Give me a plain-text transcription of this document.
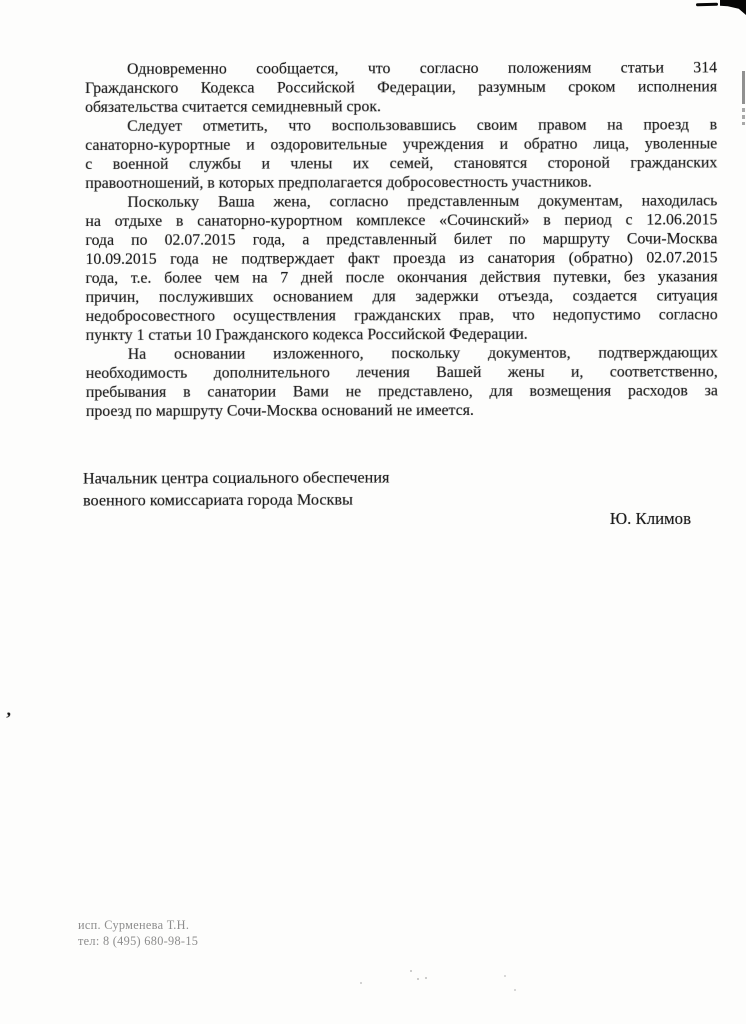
,
Одновременно сообщается, что согласно положениям статьи 314
Гражданского Кодекса Российской Федерации, разумным сроком исполнения
обязательства считается семидневный срок.
Следует отметить, что воспользовавшись своим правом на проезд в
санаторно-курортные и оздоровительные учреждения и обратно лица, уволенные
с военной службы и члены их семей, становятся стороной гражданских
правоотношений, в которых предполагается добросовестность участников.
Поскольку Ваша жена, согласно представленным документам, находилась
на отдыхе в санаторно-курортном комплексе «Сочинский» в период с 12.06.2015
года по 02.07.2015 года, а представленный билет по маршруту Сочи-Москва
10.09.2015 года не подтверждает факт проезда из санатория (обратно) 02.07.2015
года, т.е. более чем на 7 дней после окончания действия путевки, без указания
причин, послуживших основанием для задержки отъезда, создается ситуация
недобросовестного осуществления гражданских прав, что недопустимо согласно
пункту 1 статьи 10 Гражданского кодекса Российской Федерации.
На основании изложенного, поскольку документов, подтверждающих
необходимость дополнительного лечения Вашей жены и, соответственно,
пребывания в санатории Вами не представлено, для возмещения расходов за
проезд по маршруту Сочи-Москва оснований не имеется.
Начальник центра социального обеспечения
военного комиссариата города Москвы
Ю. Климов
исп. Сурменева Т.Н.
тел: 8 (495) 680-98-15
